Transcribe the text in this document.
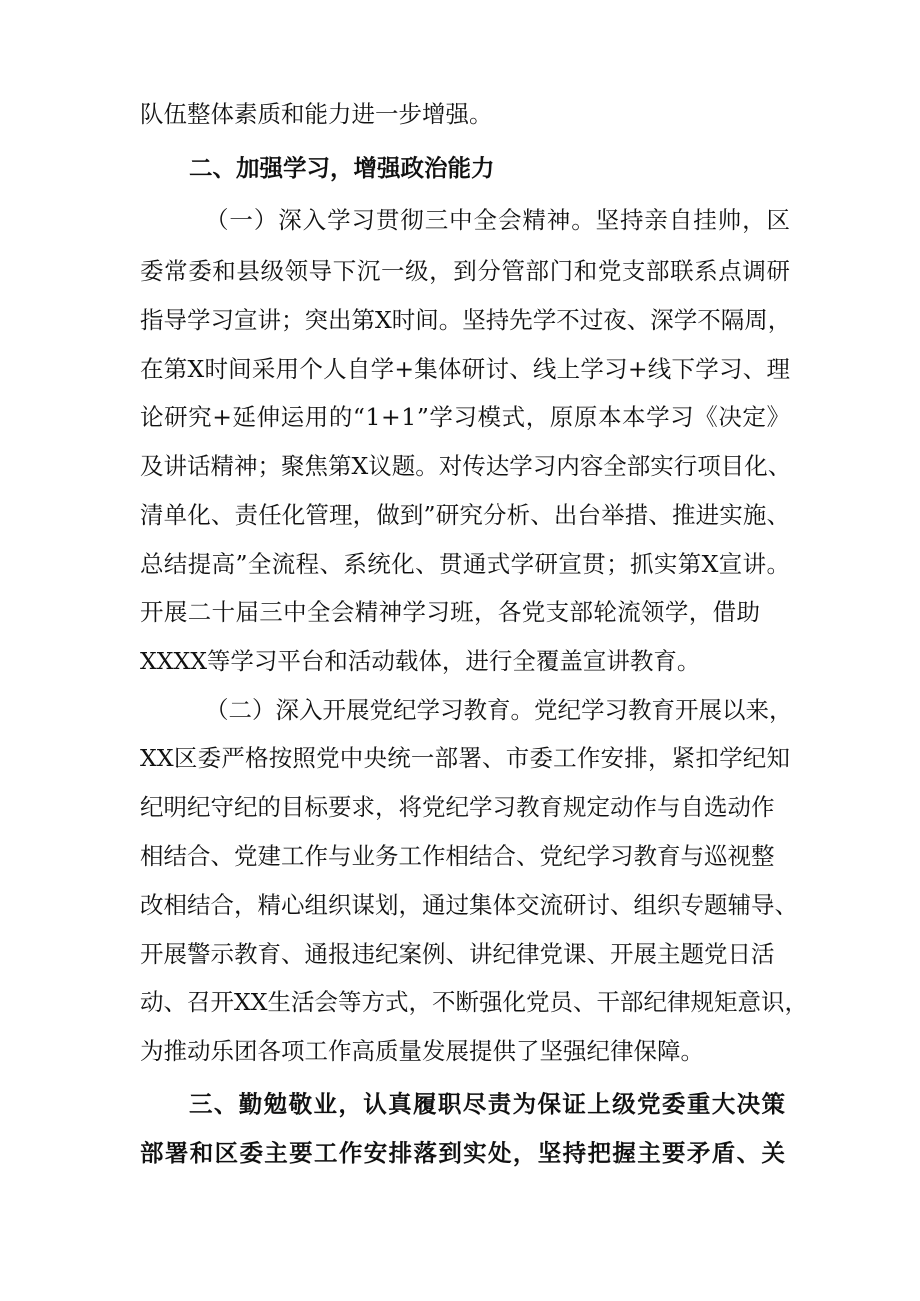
队伍整体素质和能力进一步增强。
二、加强学习，增强政治能力
（一）深入学习贯彻三中全会精神。坚持亲自挂帅，区
委常委和县级领导下沉一级，到分管部门和党支部联系点调研
指导学习宣讲；突出第X时间。坚持先学不过夜、深学不隔周，
在第X时间采用个人自学+集体研讨、线上学习+线下学习、理
论研究+延伸运用的“1+1”学习模式，原原本本学习《决定》
及讲话精神；聚焦第X议题。对传达学习内容全部实行项目化、
清单化、责任化管理，做到”研究分析、出台举措、推进实施、
总结提高”全流程、系统化、贯通式学研宣贯；抓实第X宣讲。
开展二十届三中全会精神学习班，各党支部轮流领学，借助
XXXX等学习平台和活动载体，进行全覆盖宣讲教育。
（二）深入开展党纪学习教育。党纪学习教育开展以来，
XX区委严格按照党中央统一部署、市委工作安排，紧扣学纪知
纪明纪守纪的目标要求，将党纪学习教育规定动作与自选动作
相结合、党建工作与业务工作相结合、党纪学习教育与巡视整
改相结合，精心组织谋划，通过集体交流研讨、组织专题辅导、
开展警示教育、通报违纪案例、讲纪律党课、开展主题党日活
动、召开XX生活会等方式，不断强化党员、干部纪律规矩意识，
为推动乐团各项工作高质量发展提供了坚强纪律保障。
三、勤勉敬业，认真履职尽责为保证上级党委重大决策
部署和区委主要工作安排落到实处，坚持把握主要矛盾、关
